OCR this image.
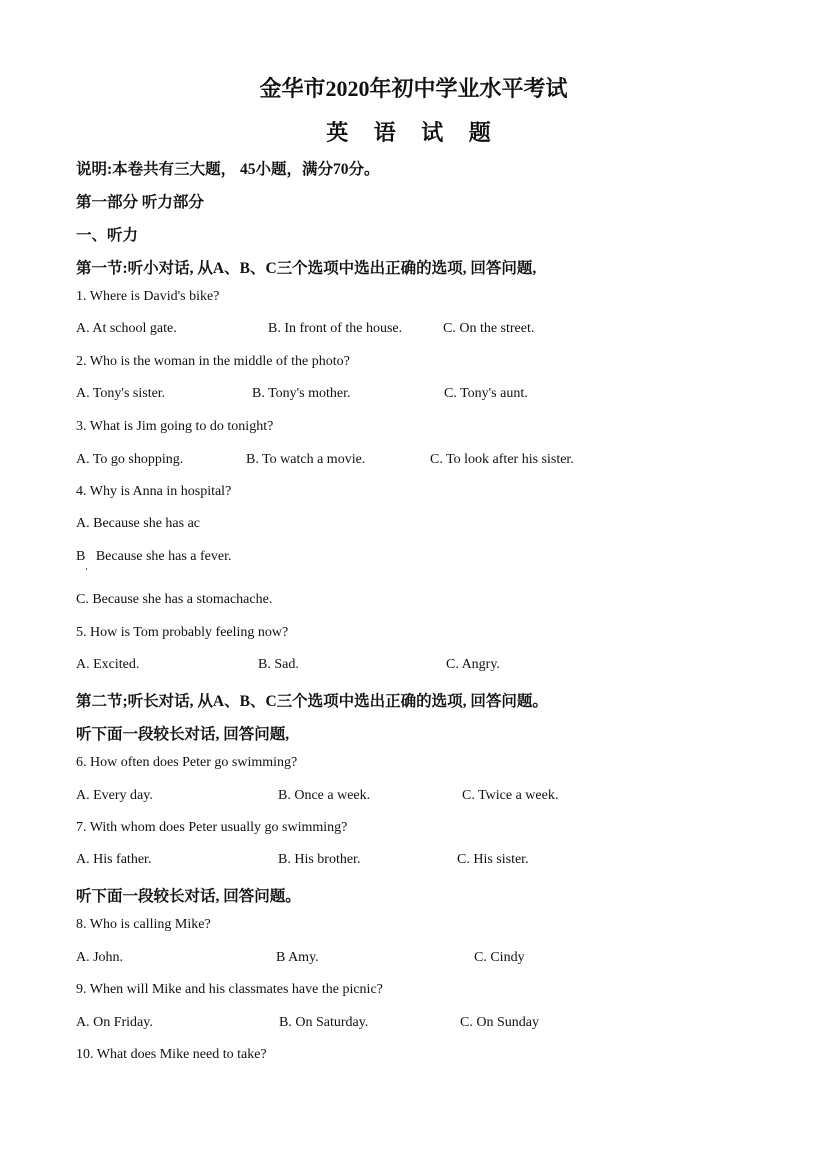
金华市2020年初中学业水平考试
英 语 试 题
说明:本卷共有三大题， 45小题，满分70分。
第一部分 听力部分
一、听力
第一节:听小对话, 从A、B、C三个选项中选出正确的选项, 回答问题,
1. Where is David's bike?
A. At school gate.	B. In front of the house.	C. On the street.
2. Who is the woman in the middle of the photo?
A. Tony's sister.	B. Tony's mother.	C. Tony's aunt.
3. What is Jim going to do tonight?
A. To go shopping.	B. To watch a movie.	C. To look after his sister.
4. Why is Anna in hospital?
A. Because she has ac
B   Because she has a fever.
C. Because she has a stomachache.
5. How is Tom probably feeling now?
A. Excited.	B. Sad.	C. Angry.
第二节;听长对话, 从A、B、C三个选项中选出正确的选项, 回答问题。
听下面一段较长对话, 回答问题,
6. How often does Peter go swimming?
A. Every day.	B. Once a week.	C. Twice a week.
7. With whom does Peter usually go swimming?
A. His father.	B. His brother.	C. His sister.
听下面一段较长对话, 回答问题。
8. Who is calling Mike?
A. John.	B Amy.	C. Cindy
9. When will Mike and his classmates have the picnic?
A. On Friday.	B. On Saturday.	C. On Sunday
10. What does Mike need to take?
